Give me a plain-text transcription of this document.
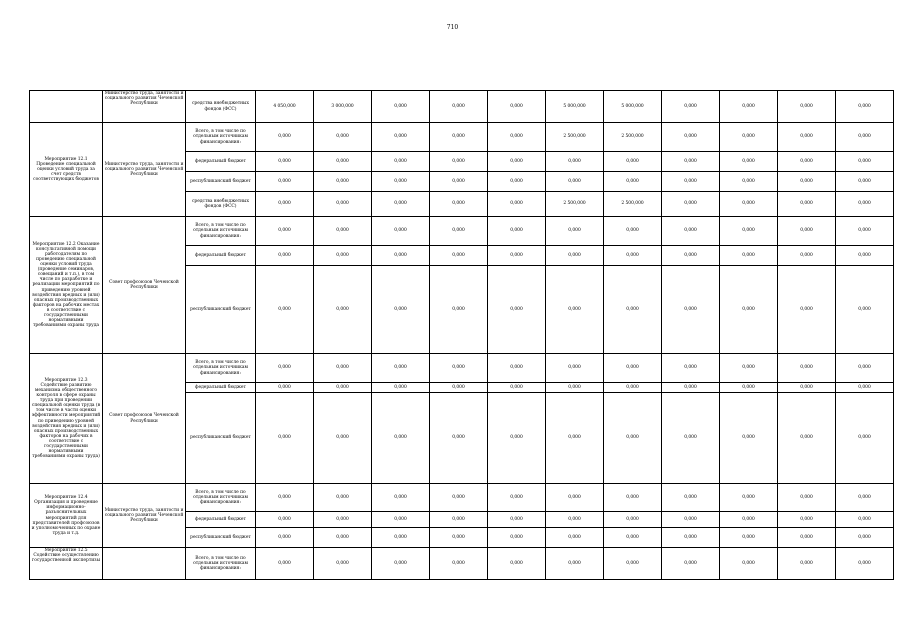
710
	Министерство труда, занятости и социального развития Чеченской Республики	средства внебюджетных фондов (ФСС)	4 050,000	3 000,000	0,000	0,000	0,000	5 000,000	5 000,000	0,000	0,000	0,000	0,000
Мероприятие 12.1 Проведение специальной оценки условий труда за счет средств соответствующих бюджетов	Министерство труда, занятости и социального развития Чеченской Республики	Всего, в том числе по отдельным источникам финансирования:	0,000	0,000	0,000	0,000	0,000	2 500,000	2 500,000	0,000	0,000	0,000	0,000
		федеральный бюджет	0,000	0,000	0,000	0,000	0,000	0,000	0,000	0,000	0,000	0,000	0,000
		республиканский бюджет	0,000	0,000	0,000	0,000	0,000	0,000	0,000	0,000	0,000	0,000	0,000
		средства внебюджетных фондов (ФСС)	0,000	0,000	0,000	0,000	0,000	2 500,000	2 500,000	0,000	0,000	0,000	0,000
Мероприятие 12.2 Оказание консультативной помощи работодателям по проведению специальной оценки условий труда (проведение семинаров, совещаний и т.п.), в том числе по разработке и реализации мероприятий по приведению уровней воздействия вредных и (или) опасных производственных факторов на рабочих местах в соответствие с государственными нормативными требованиями охраны труда	Совет профсоюзов Чеченской Республики	Всего, в том числе по отдельным источникам финансирования:	0,000	0,000	0,000	0,000	0,000	0,000	0,000	0,000	0,000	0,000	0,000
		федеральный бюджет	0,000	0,000	0,000	0,000	0,000	0,000	0,000	0,000	0,000	0,000	0,000
		республиканский бюджет	0,000	0,000	0,000	0,000	0,000	0,000	0,000	0,000	0,000	0,000	0,000
Мероприятие 12.3 Содействие развитию механизма общественного контроля в сфере охраны труда при проведении специальной оценки труда (в том числе в части оценки эффективности мероприятий по приведению уровней воздействия вредных и (или) опасных производственных факторов на рабочих в соответствие с государственными нормативными требованиями охраны труда)	Совет профсоюзов Чеченской Республики	Всего, в том числе по отдельным источникам финансирования:	0,000	0,000	0,000	0,000	0,000	0,000	0,000	0,000	0,000	0,000	0,000
		федеральный бюджет	0,000	0,000	0,000	0,000	0,000	0,000	0,000	0,000	0,000	0,000	0,000
		республиканский бюджет	0,000	0,000	0,000	0,000	0,000	0,000	0,000	0,000	0,000	0,000	0,000
Мероприятие 12.4 Организация и проведение информационно-разъяснительных мероприятий для представителей профсоюзов и уполномоченных по охране труда и т.д.	Министерство труда, занятости и социального развития Чеченской Республики	Всего, в том числе по отдельным источникам финансирования:	0,000	0,000	0,000	0,000	0,000	0,000	0,000	0,000	0,000	0,000	0,000
		федеральный бюджет	0,000	0,000	0,000	0,000	0,000	0,000	0,000	0,000	0,000	0,000	0,000
		республиканский бюджет	0,000	0,000	0,000	0,000	0,000	0,000	0,000	0,000	0,000	0,000	0,000
Мероприятие 12.5 Содействие осуществлению государственной экспертизы		Всего, в том числе по отдельным источникам финансирования:	0,000	0,000	0,000	0,000	0,000	0,000	0,000	0,000	0,000	0,000	0,000
